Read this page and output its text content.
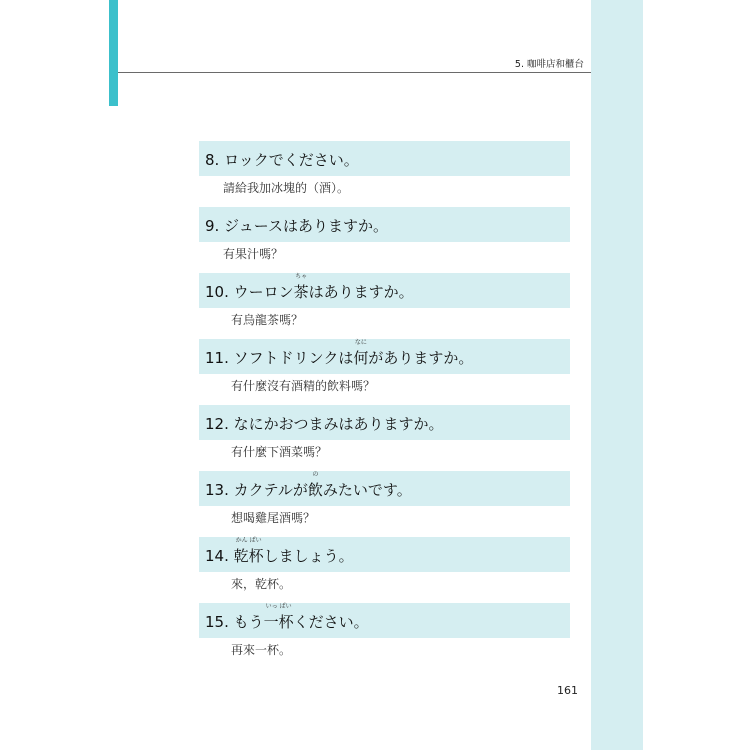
5. 咖啡店和櫃台
8. ロックでください。
請給我加冰塊的（酒）。
9. ジュースはありますか。
有果汁嗎？
10. ウーロン
ちゃ
茶はありますか。
有烏龍茶嗎？
11. ソフトドリンクは
なに
何がありますか。
有什麼沒有酒精的飲料嗎？
12. なにかおつまみはありますか。
有什麼下酒菜嗎？
13. カクテルが
の
飲みたいです。
想喝雞尾酒嗎？
14.
かん ぱい
乾杯しましょう。
來，乾杯。
15. もう
いっ ぱい
一杯ください。
再來一杯。
161
